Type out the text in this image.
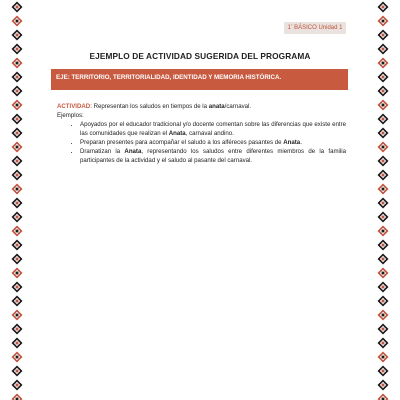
1° BÁSICO Unidad 1
EJEMPLO DE ACTIVIDAD SUGERIDA DEL PROGRAMA
EJE: TERRITORIO, TERRITORIALIDAD, IDENTIDAD Y MEMORIA HISTÓRICA.
ACTIVIDAD: Representan los saludos en tiempos de la anata/carnaval.
Ejemplos:
• Apoyados por el educador tradicional y/o docente comentan sobre las diferencias que existe entre las comunidades que realizan el Anata, carnaval andino.
• Preparan presentes para acompañar el saludo a los alféreces pasantes de Anata.
• Dramatizan la Anata, representando los saludos entre diferentes miembros de la familia participantes de la actividad y el saludo al pasante del carnaval.
